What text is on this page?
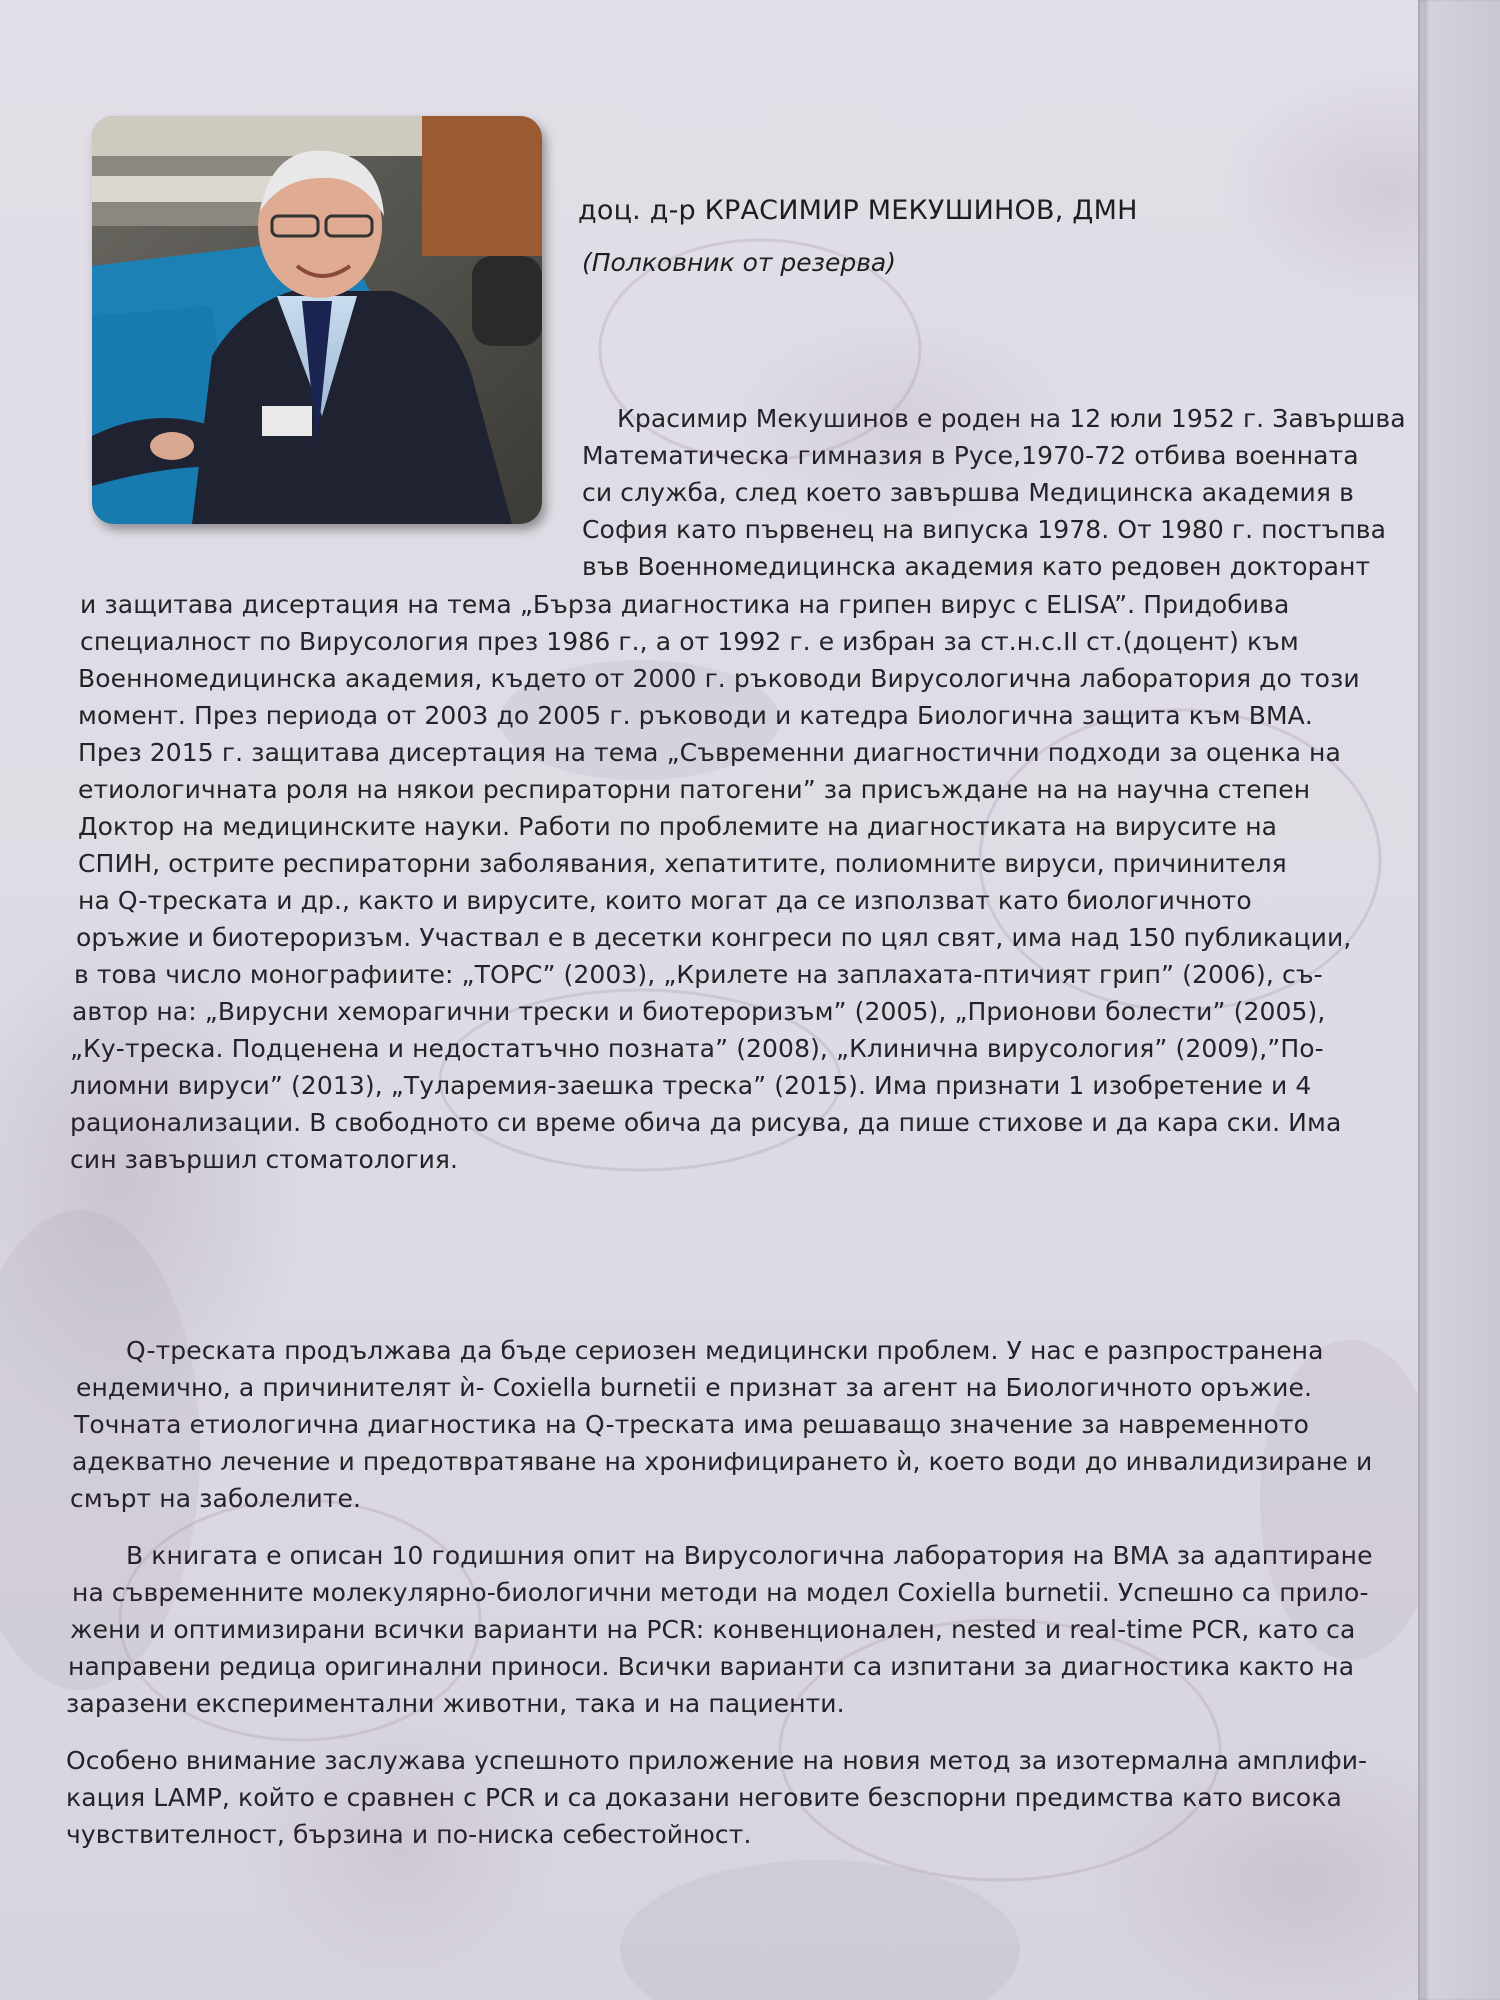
доц. д-р КРАСИМИР МЕКУШИНОВ, ДМН
(Полковник от резерва)
Красимир Мекушинов е роден на 12 юли 1952 г. Завършва
Математическа гимназия в Русе,1970-72 отбива военната
си служба, след което завършва Медицинска академия в
София като първенец на випуска 1978. От 1980 г. постъпва
във Военномедицинска академия като редовен докторант
и защитава дисертация на тема „Бърза диагностика на грипен вирус с ELISA”. Придобива
специалност по Вирусология през 1986 г., а от 1992 г. е избран за ст.н.с.II ст.(доцент) към
Военномедицинска академия, където от 2000 г. ръководи Вирусологична лаборатория до този
момент. През периода от 2003 до 2005 г. ръководи и катедра Биологична защита към ВМА.
През 2015 г. защитава дисертация на тема „Съвременни диагностични подходи за оценка на
етиологичната роля на някои респираторни патогени” за присъждане на на научна степен
Доктор на медицинските науки. Работи по проблемите на диагностиката на вирусите на
СПИН, острите респираторни заболявания, хепатитите, полиомните вируси, причинителя
на Q-треската и др., както и вирусите, които могат да се използват като биологичното
оръжие и биотероризъм. Участвал е в десетки конгреси по цял свят, има над 150 публикации,
в това число монографиите: „ТОРС” (2003), „Крилете на заплахата-птичият грип” (2006), съ-
автор на: „Вирусни хеморагични трески и биотероризъм” (2005), „Прионови болести” (2005),
„Ку-треска. Подценена и недостатъчно позната” (2008), „Клинична вирусология” (2009),”По-
лиомни вируси” (2013), „Туларемия-заешка треска” (2015). Има признати 1 изобретение и 4
рационализации. В свободното си време обича да рисува, да пише стихове и да кара ски. Има
син завършил стоматология.
Q-треската продължава да бъде сериозен медицински проблем. У нас е разпространена
ендемично, а причинителят ѝ- Coxiella burnetii е признат за агент на Биологичното оръжие.
Точната етиологична диагностика на Q-треската има решаващо значение за навременното
адекватно лечение и предотвратяване на хронифицирането ѝ, което води до инвалидизиране и
смърт на заболелите.
В книгата е описан 10 годишния опит на Вирусологична лаборатория на ВМА за адаптиране
на съвременните молекулярно-биологични методи на модел Coxiella burnetii. Успешно са прило-
жени и оптимизирани всички варианти на PCR: конвенционален, nested и real-time PCR, като са
направени редица оригинални приноси. Всички варианти са изпитани за диагностика както на
заразени експериментални животни, така и на пациенти.
Особено внимание заслужава успешното приложение на новия метод за изотермална амплифи-
кация LAMP, който е сравнен с PCR и са доказани неговите безспорни предимства като висока
чувствителност, бързина и по-ниска себестойност.
